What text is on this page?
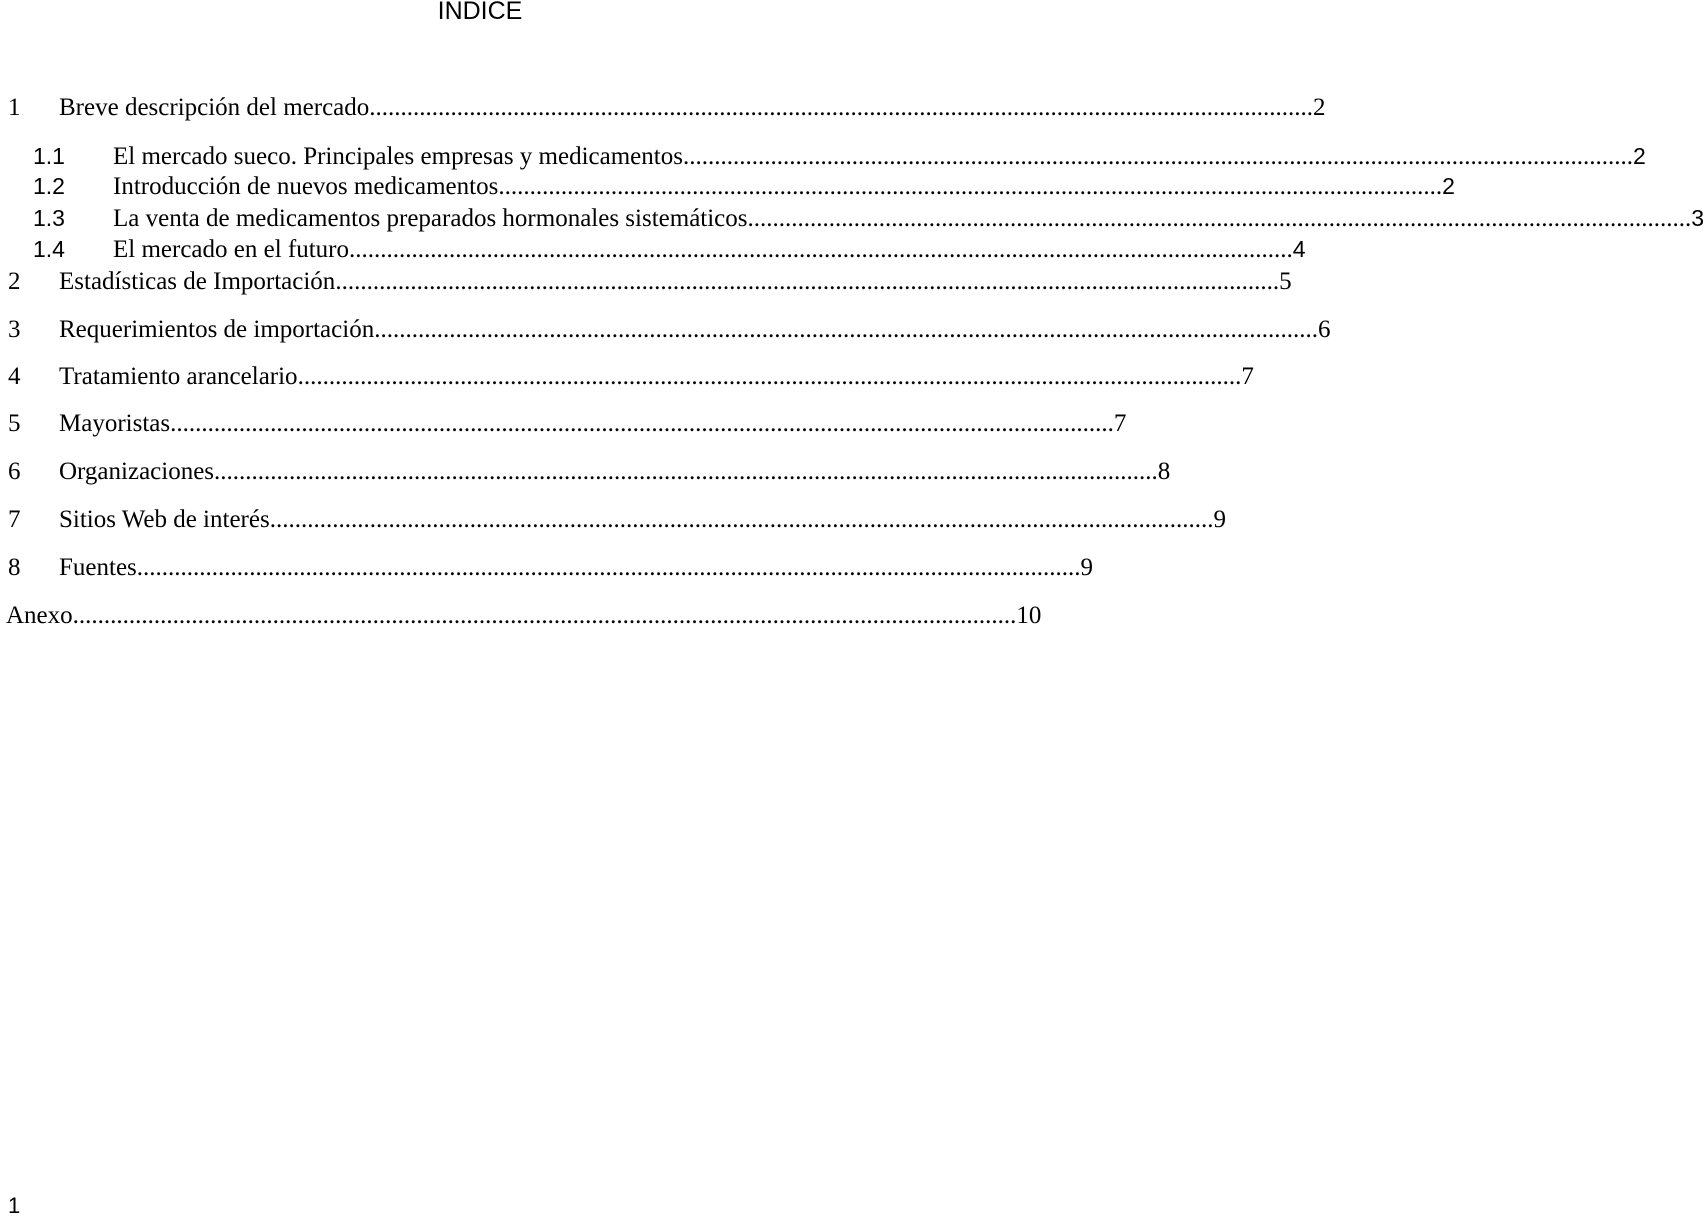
INDICE
1	Breve descripción del mercado ....................................................................................................................................................... 2
1.1	El mercado sueco. Principales empresas y medicamentos. ....................................................................................................................................................... 2
1.2	Introducción de nuevos medicamentos ....................................................................................................................................................... 2
1.3	La venta de medicamentos preparados hormonales sistemáticos ....................................................................................................................................................... 3
1.4	El mercado en el futuro ....................................................................................................................................................... 4
2	Estadísticas de Importación ....................................................................................................................................................... 5
3	Requerimientos de importación ....................................................................................................................................................... 6
4	Tratamiento arancelario ....................................................................................................................................................... 7
5	Mayoristas ....................................................................................................................................................... 7
6	Organizaciones ....................................................................................................................................................... 8
7	Sitios Web de interés ....................................................................................................................................................... 9
8	Fuentes ....................................................................................................................................................... 9
Anexo ....................................................................................................................................................... 10
1
